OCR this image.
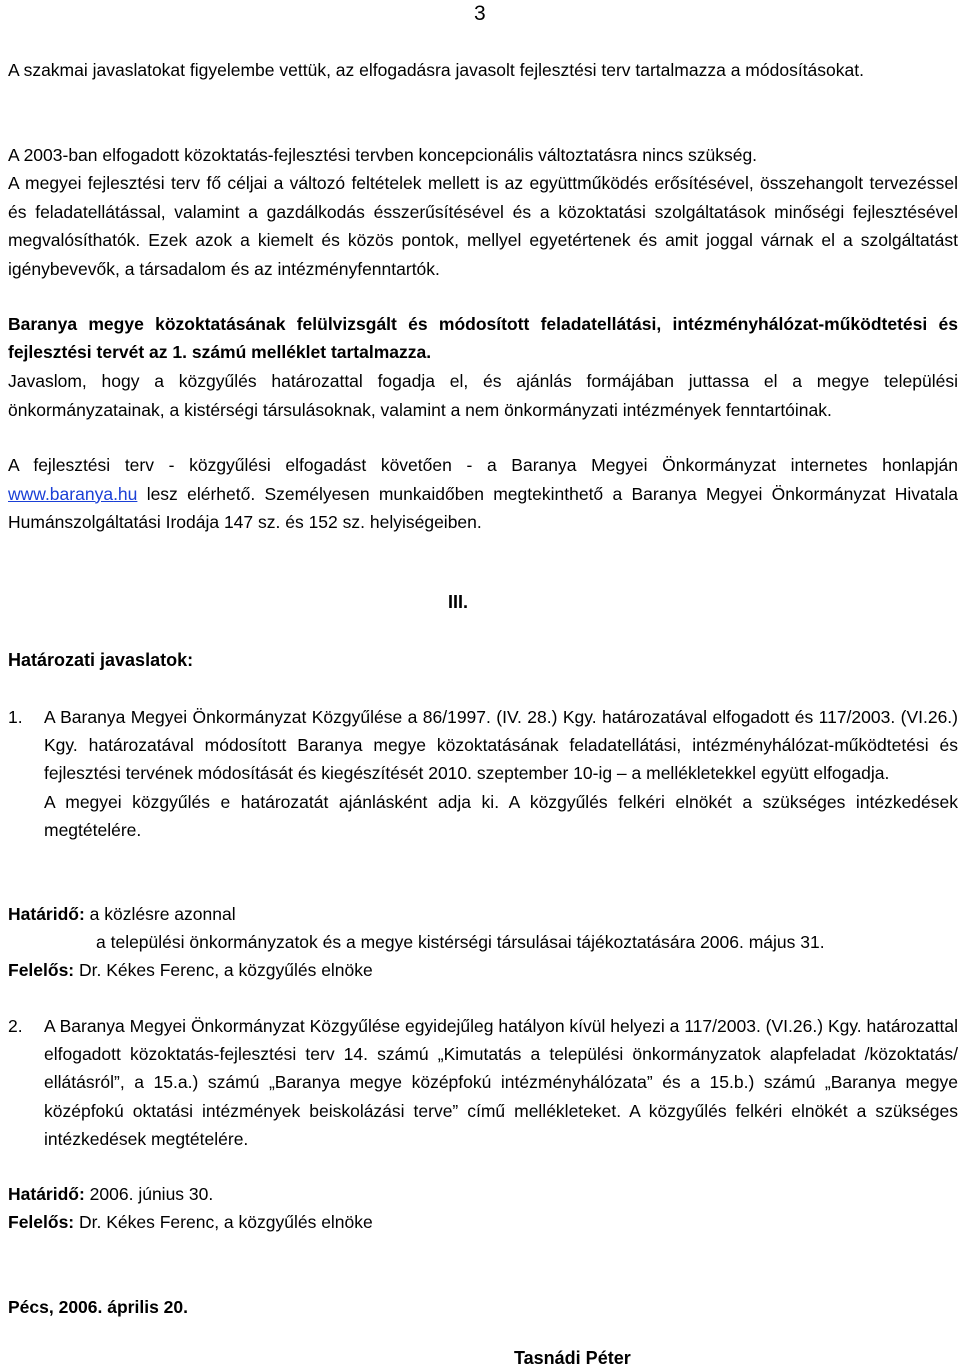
3
A szakmai javaslatokat figyelembe vettük, az elfogadásra javasolt fejlesztési terv tartalmazza a módosításokat.
A 2003-ban elfogadott közoktatás-fejlesztési tervben koncepcionális változtatásra nincs szükség.
A megyei fejlesztési terv fő céljai a változó feltételek mellett is az együttműködés erősítésével, összehangolt tervezéssel és feladatellátással, valamint a gazdálkodás ésszerűsítésével és a közoktatási szolgáltatások minőségi fejlesztésével megvalósíthatók. Ezek azok a kiemelt és közös pontok, mellyel egyetértenek és amit joggal várnak el a szolgáltatást igénybevevők, a társadalom és az intézményfenntartók.
Baranya megye közoktatásának felülvizsgált és módosított feladatellátási, intézményhálózat-működtetési és fejlesztési tervét az 1. számú melléklet tartalmazza.
Javaslom, hogy a közgyűlés határozattal fogadja el, és ajánlás formájában juttassa el a megye települési önkormányzatainak, a kistérségi társulásoknak, valamint a nem önkormányzati intézmények fenntartóinak.
A fejlesztési terv - közgyűlési elfogadást követően - a Baranya Megyei Önkormányzat internetes honlapján www.baranya.hu lesz elérhető. Személyesen munkaidőben megtekinthető a Baranya Megyei Önkormányzat Hivatala Humánszolgáltatási Irodája 147 sz. és 152 sz. helyiségeiben.
III.
Határozati javaslatok:
1. A Baranya Megyei Önkormányzat Közgyűlése a 86/1997. (IV. 28.) Kgy. határozatával elfogadott és 117/2003. (VI.26.) Kgy. határozatával módosított Baranya megye közoktatásának feladatellátási, intézményhálózat-működtetési és fejlesztési tervének módosítását és kiegészítését 2010. szeptember 10-ig – a mellékletekkel együtt elfogadja.
A megyei közgyűlés e határozatát ajánlásként adja ki. A közgyűlés felkéri elnökét a szükséges intézkedések megtételére.
Határidő: a közlésre azonnal
a települési önkormányzatok és a megye kistérségi társulásai tájékoztatására 2006. május 31.
Felelős: Dr. Kékes Ferenc, a közgyűlés elnöke
2. A Baranya Megyei Önkormányzat Közgyűlése egyidejűleg hatályon kívül helyezi a 117/2003. (VI.26.) Kgy. határozattal elfogadott közoktatás-fejlesztési terv 14. számú „Kimutatás a települési önkormányzatok alapfeladat /közoktatás/ ellátásról”, a 15.a.) számú „Baranya megye középfokú intézményhálózata” és a 15.b.) számú „Baranya megye középfokú oktatási intézmények beiskolázási terve” című mellékleteket. A közgyűlés felkéri elnökét a szükséges intézkedések megtételére.
Határidő: 2006. június 30.
Felelős: Dr. Kékes Ferenc, a közgyűlés elnöke
Pécs, 2006. április 20.
Tasnádi Péter
